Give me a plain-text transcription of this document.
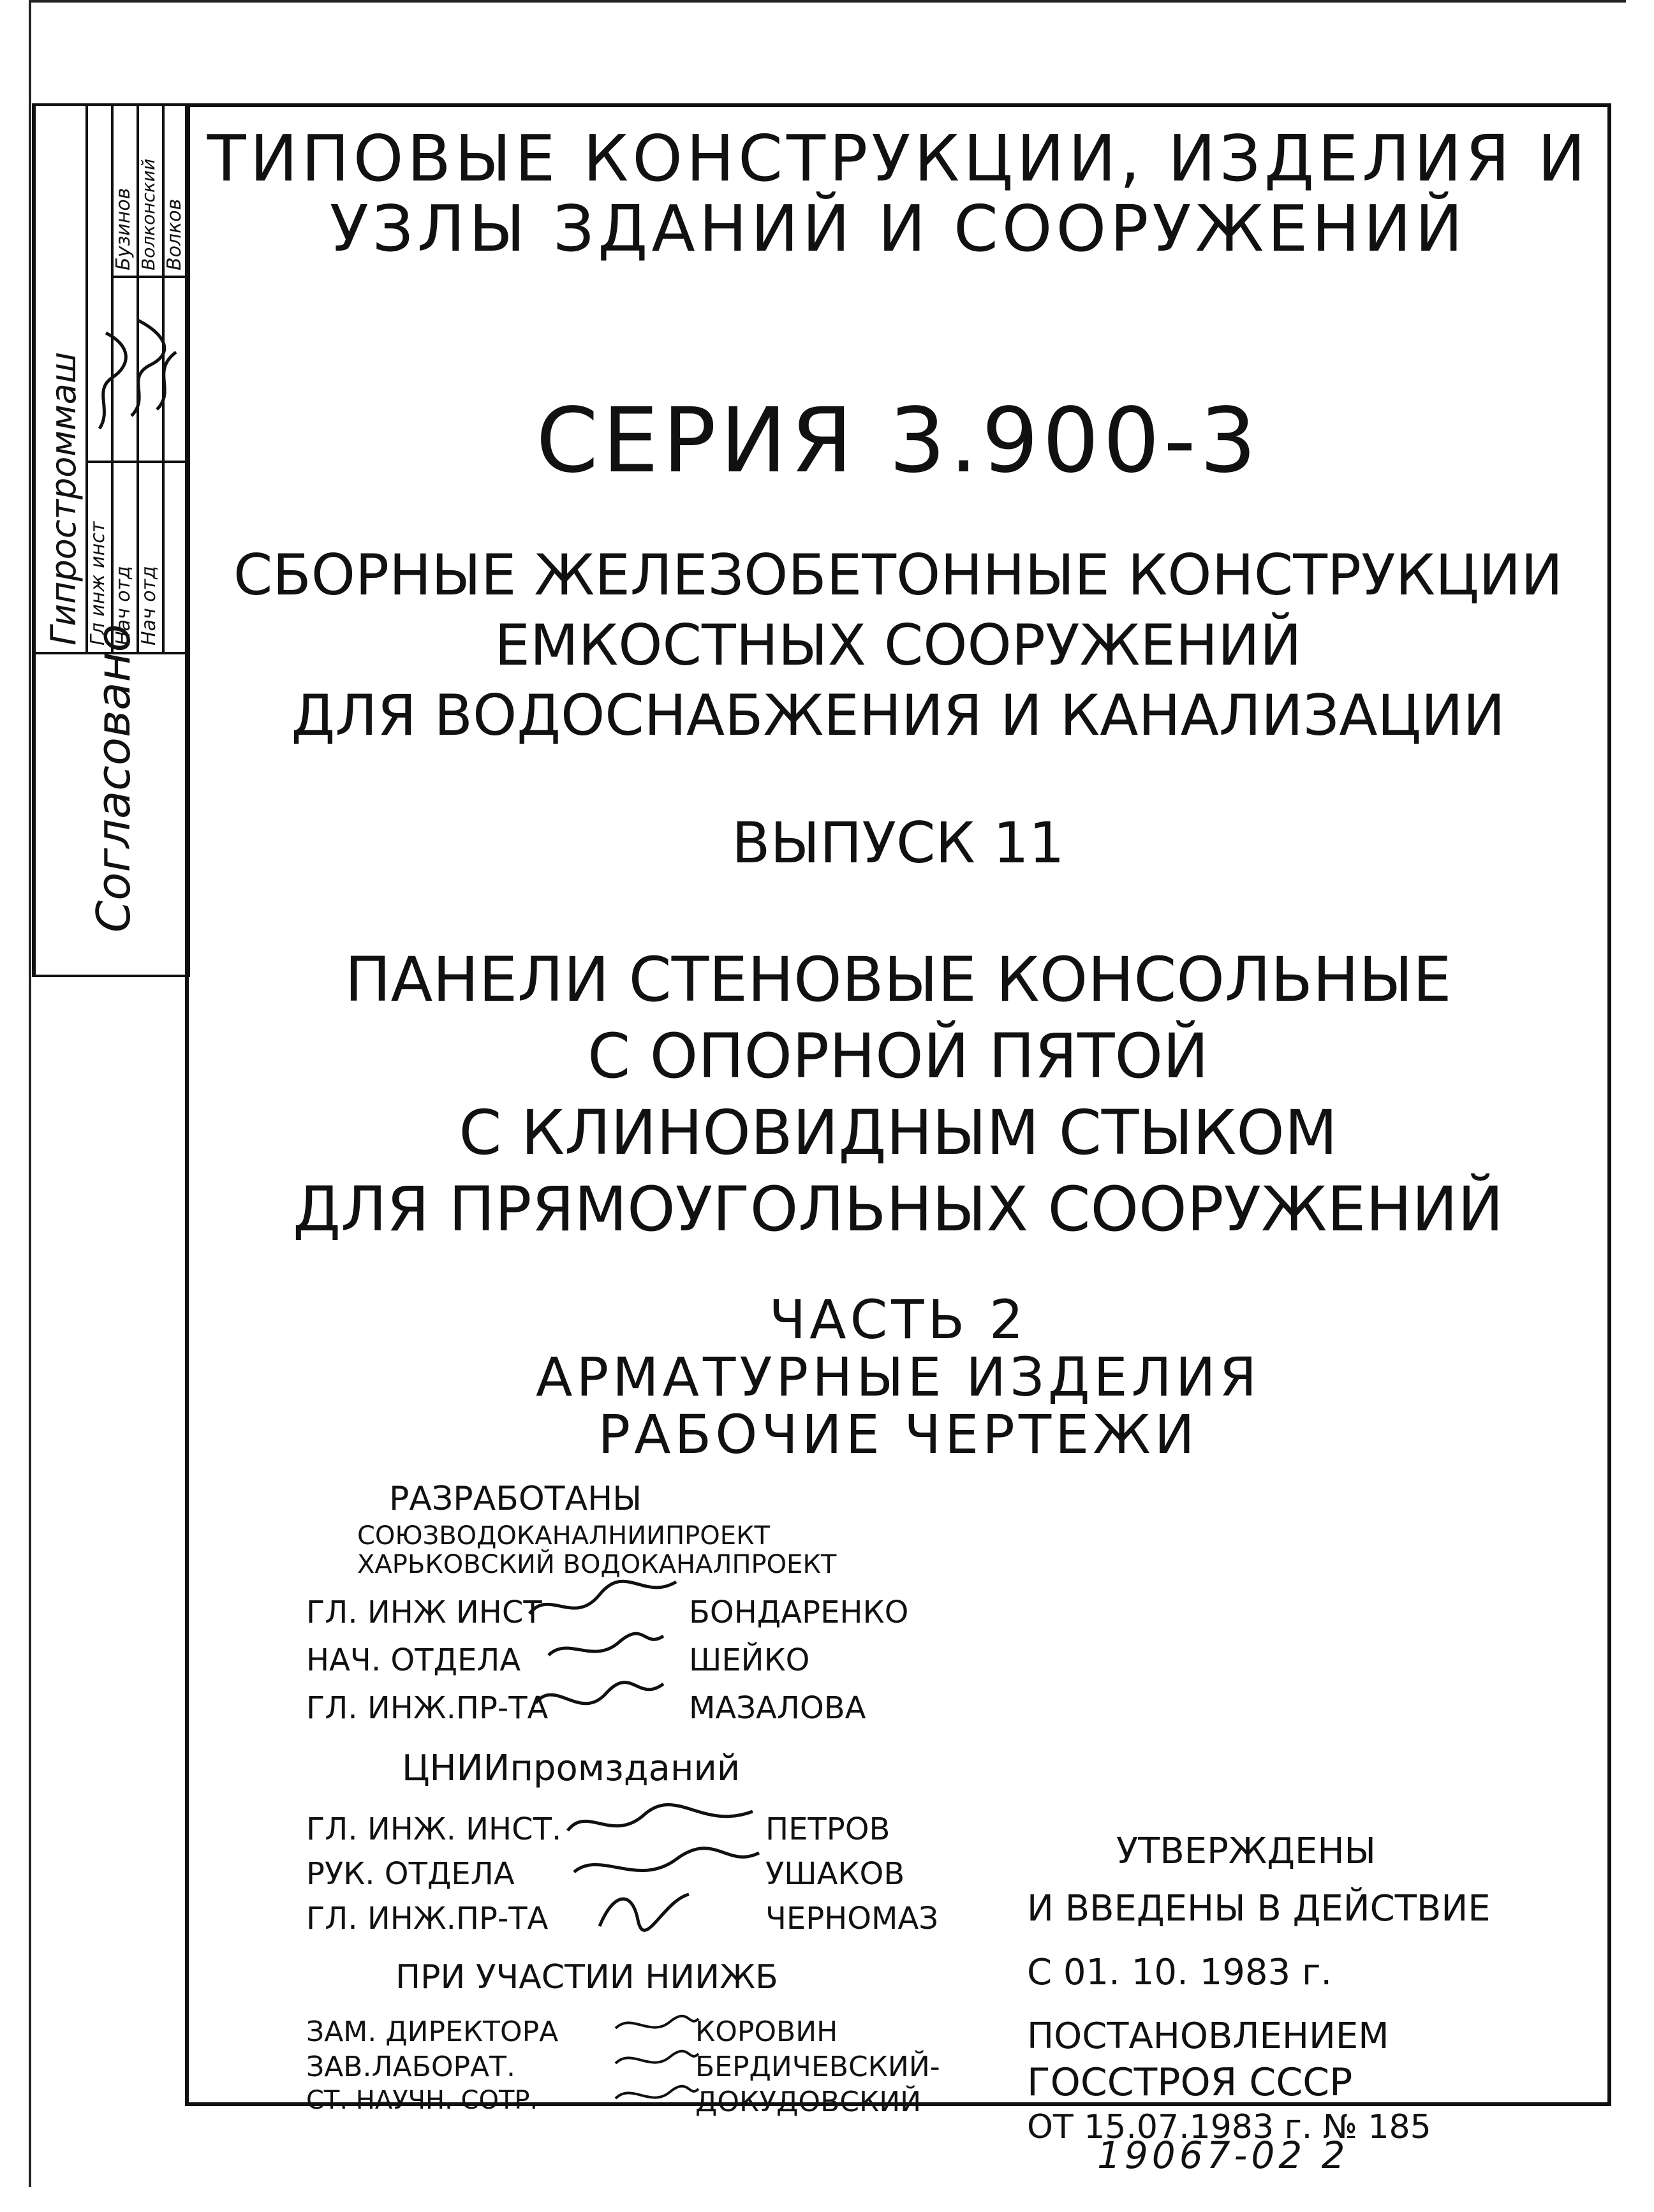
Гипростроммаш Гл инж инст Нач отд Нач отд
Бузинов Волконский Волков
Согласовано
ТИПОВЫЕ КОНСТРУКЦИИ, ИЗДЕЛИЯ И
УЗЛЫ ЗДАНИЙ И СООРУЖЕНИЙ
СЕРИЯ 3.900-3
СБОРНЫЕ ЖЕЛЕЗОБЕТОННЫЕ КОНСТРУКЦИИ
ЕМКОСТНЫХ СООРУЖЕНИЙ
ДЛЯ ВОДОСНАБЖЕНИЯ И КАНАЛИЗАЦИИ
ВЫПУСК 11
ПАНЕЛИ СТЕНОВЫЕ КОНСОЛЬНЫЕ
С ОПОРНОЙ ПЯТОЙ
С КЛИНОВИДНЫМ СТЫКОМ
ДЛЯ ПРЯМОУГОЛЬНЫХ СООРУЖЕНИЙ
ЧАСТЬ 2
АРМАТУРНЫЕ ИЗДЕЛИЯ
РАБОЧИЕ ЧЕРТЕЖИ
РАЗРАБОТАНЫ
СОЮЗВОДОКАНАЛНИИПРОЕКТ
ХАРЬКОВСКИЙ ВОДОКАНАЛПРОЕКТ
ГЛ. ИНЖ ИНСТ	БОНДАРЕНКО
НАЧ. ОТДЕЛА	ШЕЙКО
ГЛ. ИНЖ.ПР-ТА	МАЗАЛОВА
ЦНИИпромзданий
ГЛ. ИНЖ. ИНСТ.	ПЕТРОВ
РУК. ОТДЕЛА	УШАКОВ
ГЛ. ИНЖ.ПР-ТА	ЧЕРНОМАЗ
ПРИ УЧАСТИИ НИИЖБ
ЗАМ. ДИРЕКТОРА	КОРОВИН
ЗАВ.ЛАБОРАТ.	БЕРДИЧЕВСКИЙ-
СТ. НАУЧН. СОТР.	ДОКУДОВСКИЙ
УТВЕРЖДЕНЫ
И ВВЕДЕНЫ В ДЕЙСТВИЕ
С 01. 10. 1983 г.
ПОСТАНОВЛЕНИЕМ
ГОССТРОЯ СССР
ОТ 15.07.1983 г. № 185
19067-02 2
